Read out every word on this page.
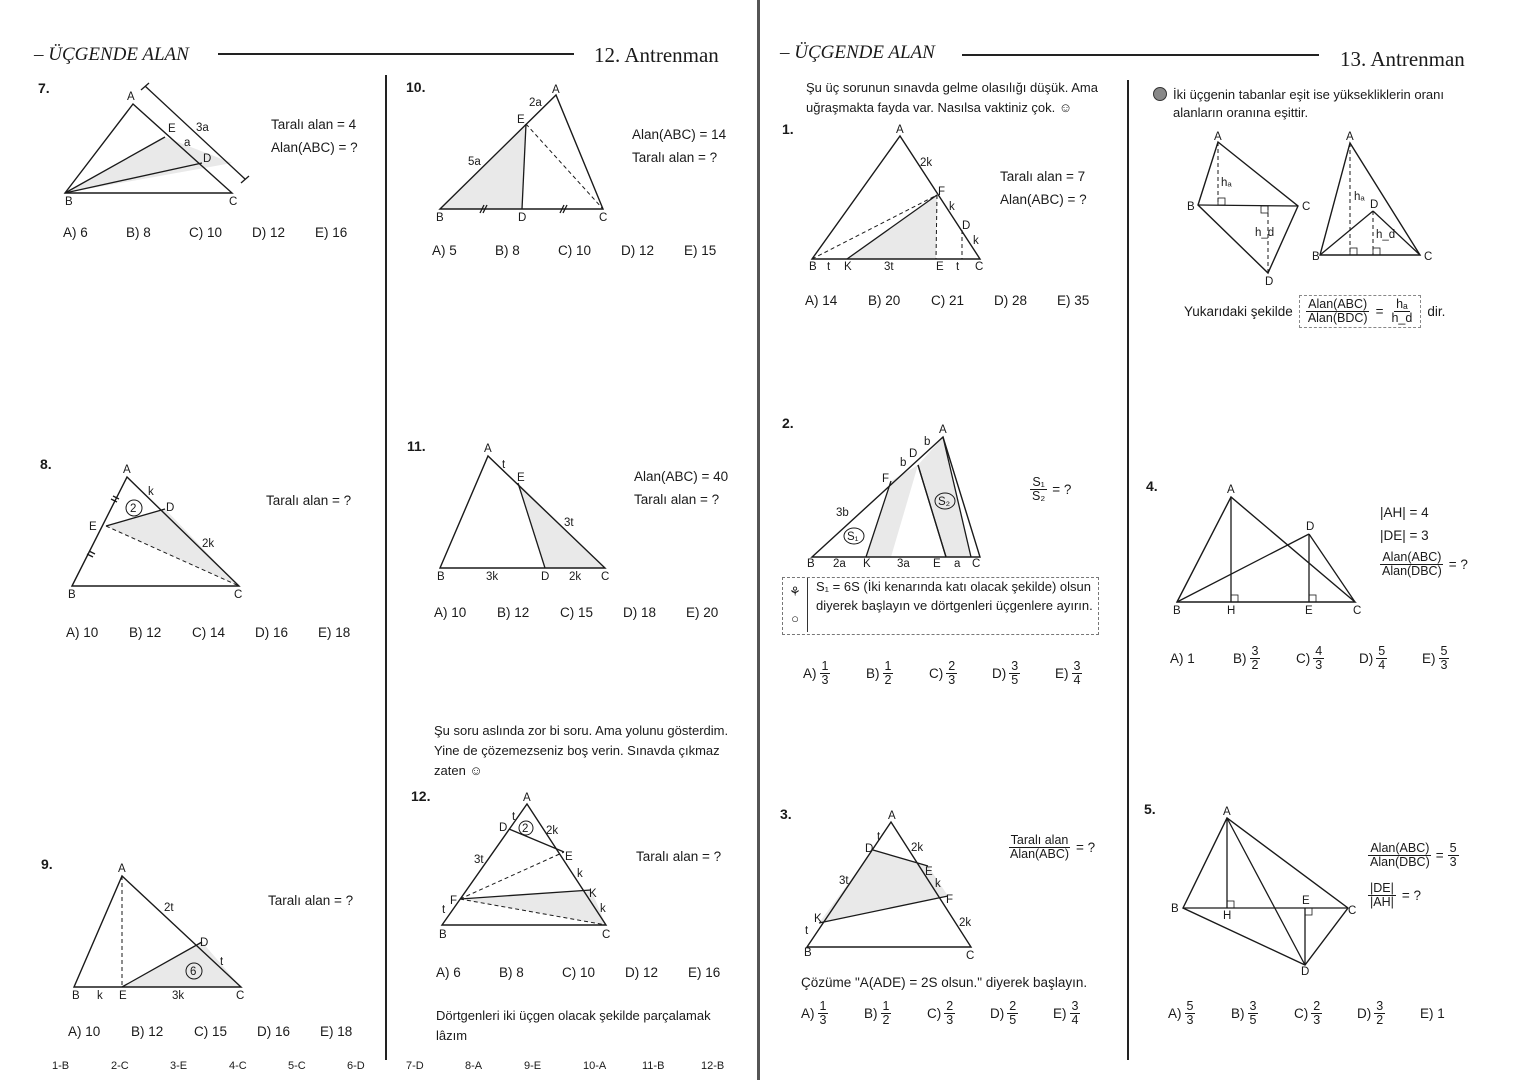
– ÜÇGENDE ALAN	12. Antrenman	– ÜÇGENDE ALAN	13. Antrenman
7.
A
B	C
E
D
3a
a
Taralı alan = 4
Alan(ABC) = ?
A) 6	B) 8	C) 10	D) 12	E) 16
8.
2
A
B	C
D
E
k
2k
Taralı alan = ?
A) 10	B) 12	C) 14	D) 16	E) 18
9.
6
A
B k E	3k	C
D
2t
t
Taralı alan = ?
A) 10	B) 12	C) 15	D) 16	E) 18
10.	A
2a
E
5a
B	D	C
Alan(ABC) = 14
Taralı alan = ?
A) 5	B) 8	C) 10	D) 12	E) 15
11.	A
t
E
3t
B	3k	D 2k C
Alan(ABC) = 40
Taralı alan = ?
A) 10	B) 12	C) 15	D) 18	E) 20
Şu soru aslında zor bi soru. Ama yolunu gösterdim. Yine de çözemezseniz boş verin. Sınavda çıkmaz zaten ☺
12.
2
A
D
t
2k
E
k
K
k
3t
F
t
B	C
Taralı alan = ?
A) 6	B) 8	C) 10	D) 12	E) 16
Dörtgenleri iki üçgen olacak şekilde parçalamak lâzım
1-B	2-C	3-E	4-C	5-C	6-D	7-D	8-A	9-E	10-A	11-B	12-B
Şu üç sorunun sınavda gelme olasılığı düşük. Ama uğraşmakta fayda var. Nasılsa vaktiniz çok. ☺
1.	A
2k
F
k
D
k
B t K	3t	E t C
Taralı alan = 7
Alan(ABC) = ?
A) 14	B) 20	C) 21	D) 28	E) 35
2.
S₁
S₂
A
b
D
b
F
3b
B 2a K 3a E a C
$\frac{\text{S₁}}{\text{S₂}}$ = ?
⚘
○
S₁ = 6S (İki kenarında katı olacak şekilde) olsun diyerek başlayın ve dörtgenleri üçgenlere ayırın.
$A) \frac{1}{3}$	$B) \frac{1}{2}$	$C) \frac{2}{3}$	$D) \frac{3}{5}$	$E) \frac{3}{4}$
3.	A
t
D	2k
E
k
F
2k
3t
K
t
B	C
$\frac{\text{Taralı alan}}{\text{Alan(ABC)}}$ = ?
Çözüme "A(ADE) = 2S olsun." diyerek başlayın.
$A) \frac{1}{3}$	$B) \frac{1}{2}$	$C) \frac{2}{3}$	$D) \frac{2}{5}$	$E) \frac{3}{4}$
İki üçgenin tabanlar eşit ise yüksekliklerin oranı alanların oranına eşittir.
A
B	C
D
hₐ
h_d
A
B	C
D
hₐ
h_d
Yukarıdaki şekilde $\frac{\text{Alan(ABC)}}{\text{Alan(BDC)}} = \frac{\text{hₐ}}{h\_d}$ dir.
4.	A
D
B	H	E	C
|AH| = 4
|DE| = 3
$\frac{\text{Alan(ABC)}}{\text{Alan(DBC)}}$ = ?
A) 1	$B) \frac{3}{2}$	$C) \frac{4}{3}$	$D) \frac{5}{4}$	$E) \frac{5}{3}$
5.	A
B
H
E
C
D
$\frac{\text{Alan(ABC)}}{\text{Alan(DBC)}} = \frac{5}{3}$
$\frac{|DE|}{|AH|}$ = ?
$A) \frac{5}{3}$	$B) \frac{3}{5}$	$C) \frac{2}{3}$	$D) \frac{3}{2}$	E) 1
